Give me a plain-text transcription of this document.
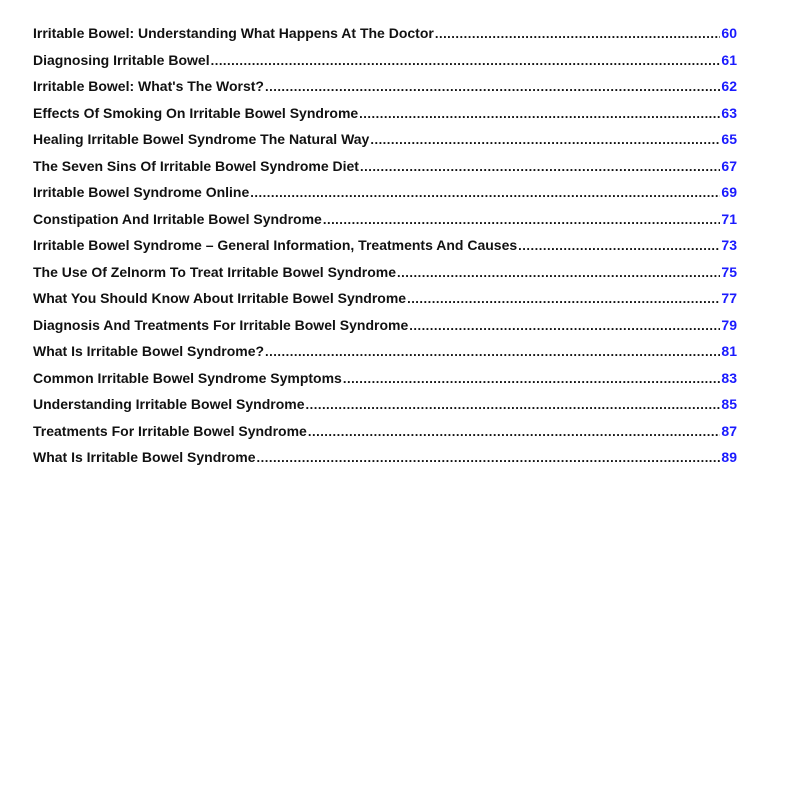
Irritable Bowel: Understanding What Happens At The Doctor .....	60
Diagnosing Irritable Bowel .....	61
Irritable Bowel: What's The Worst? .....	62
Effects Of Smoking On Irritable Bowel Syndrome .....	63
Healing Irritable Bowel Syndrome The Natural Way .....	65
The Seven Sins Of Irritable Bowel Syndrome Diet .....	67
Irritable Bowel Syndrome Online .....	69
Constipation And Irritable Bowel Syndrome .....	71
Irritable Bowel Syndrome – General Information, Treatments And Causes .....	73
The Use Of Zelnorm To Treat Irritable Bowel Syndrome .....	75
What You Should Know About Irritable Bowel Syndrome .....	77
Diagnosis And Treatments For Irritable Bowel Syndrome .....	79
What Is Irritable Bowel Syndrome? .....	81
Common Irritable Bowel Syndrome Symptoms .....	83
Understanding Irritable Bowel Syndrome .....	85
Treatments For Irritable Bowel Syndrome .....	87
What Is Irritable Bowel Syndrome .....	89
